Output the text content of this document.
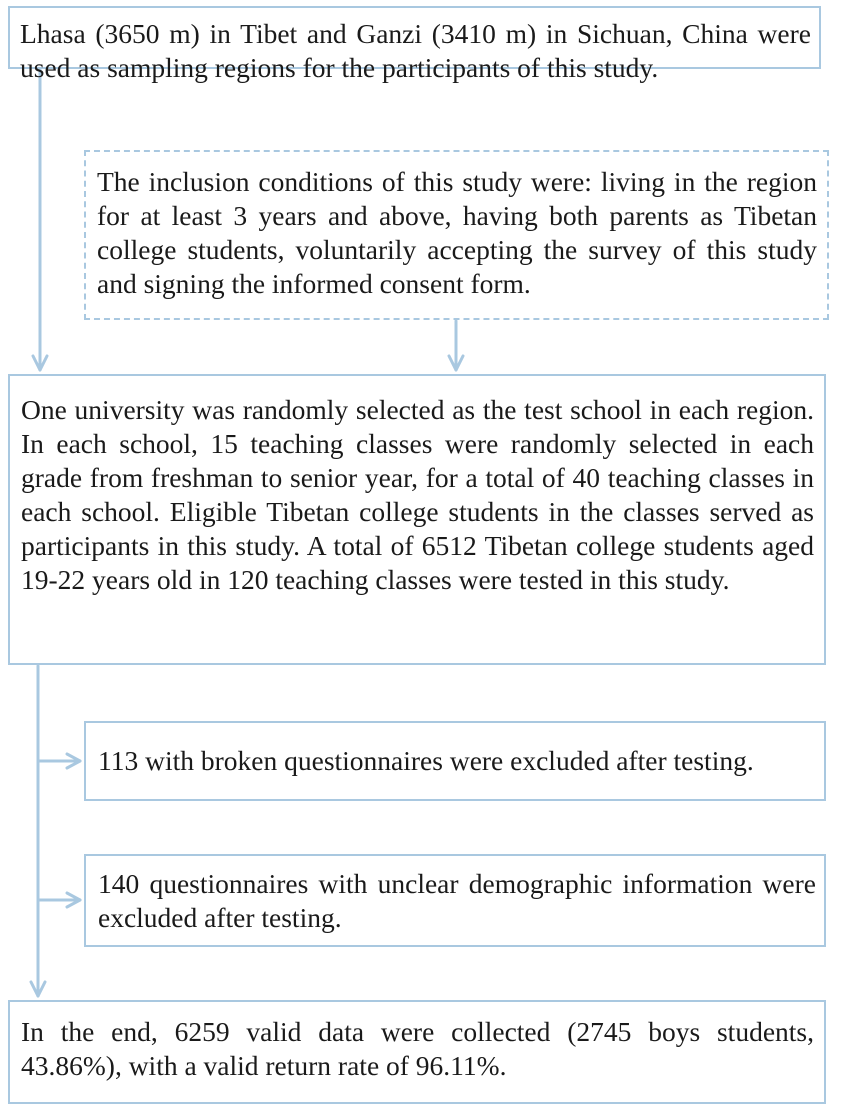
Lhasa (3650 m) in Tibet and Ganzi (3410 m) in Sichuan, China were used as sampling regions for the participants of this study.

The inclusion conditions of this study were: living in the region for at least 3 years and above, having both parents as Tibetan college students, voluntarily accepting the survey of this study and signing the informed consent form.

One university was randomly selected as the test school in each region. In each school, 15 teaching classes were randomly selected in each grade from freshman to senior year, for a total of 40 teaching classes in each school. Eligible Tibetan college students in the classes served as participants in this study. A total of 6512 Tibetan college students aged 19-22 years old in 120 teaching classes were tested in this study.

113 with broken questionnaires were excluded after testing.

140 questionnaires with unclear demographic information were excluded after testing.

In the end, 6259 valid data were collected (2745 boys students, 43.86%), with a valid return rate of 96.11%.
